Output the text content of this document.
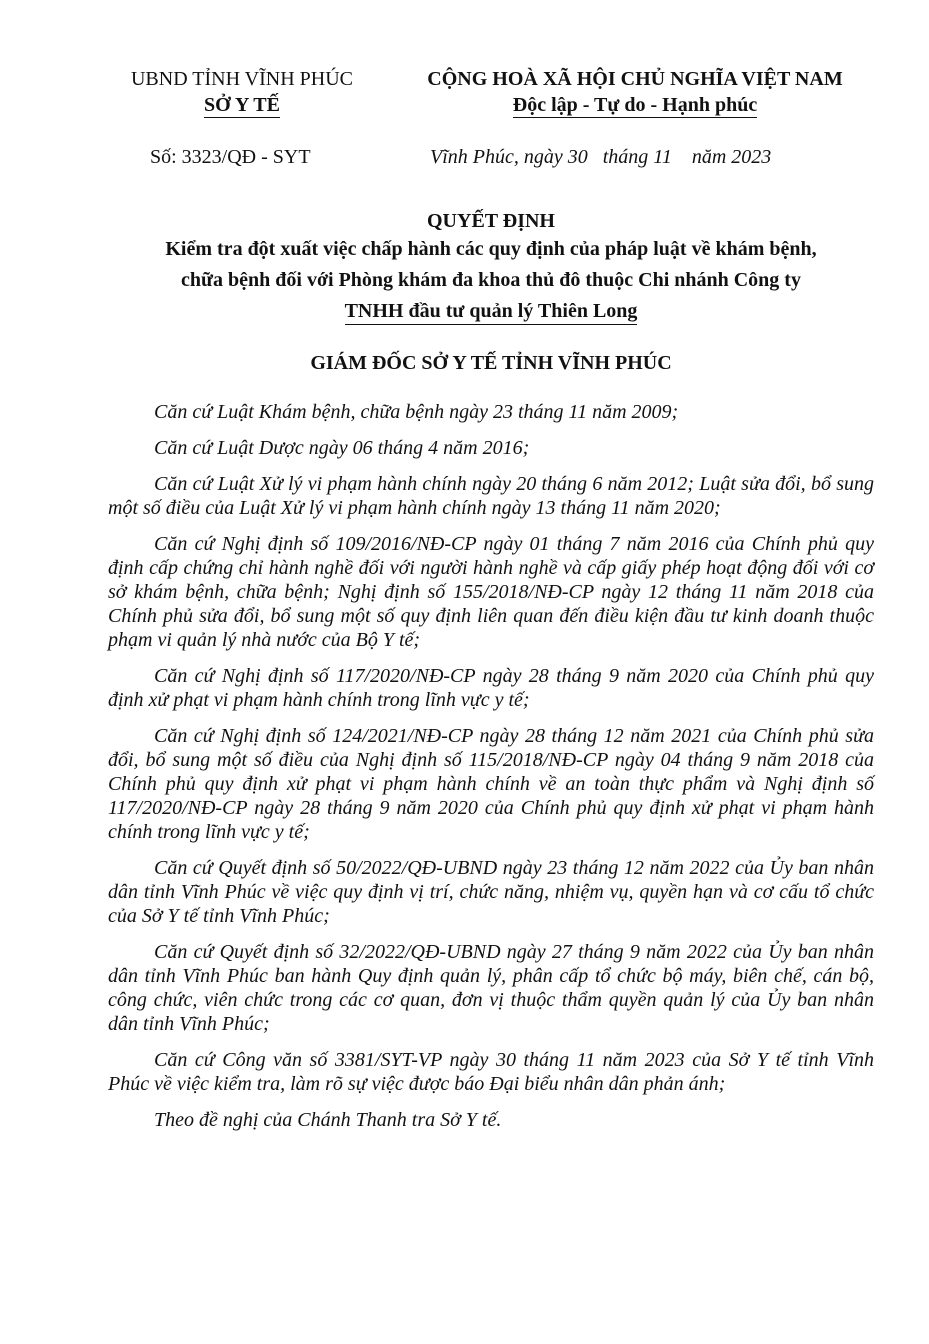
UBND TỈNH VĨNH PHÚC
SỞ Y TẾ
CỘNG HOÀ XÃ HỘI CHỦ NGHĨA VIỆT NAM
Độc lập - Tự do - Hạnh phúc
Số: 3323/QĐ - SYT	Vĩnh Phúc, ngày 30   tháng 11    năm 2023
QUYẾT ĐỊNH
Kiểm tra đột xuất việc chấp hành các quy định của pháp luật về khám bệnh,
chữa bệnh đối với Phòng khám đa khoa thủ đô thuộc Chi nhánh Công ty
TNHH đầu tư quản lý Thiên Long
GIÁM ĐỐC SỞ Y TẾ TỈNH VĨNH PHÚC

Căn cứ Luật Khám bệnh, chữa bệnh ngày 23 tháng 11 năm 2009;

Căn cứ Luật Dược ngày 06 tháng 4 năm 2016;

Căn cứ Luật Xử lý vi phạm hành chính ngày 20 tháng 6 năm 2012; Luật sửa đổi, bổ sung một số điều của Luật Xử lý vi phạm hành chính ngày 13 tháng 11 năm 2020;

Căn cứ Nghị định số 109/2016/NĐ-CP ngày 01 tháng 7 năm 2016 của Chính phủ quy định cấp chứng chỉ hành nghề đối với người hành nghề và cấp giấy phép hoạt động đối với cơ sở khám bệnh, chữa bệnh; Nghị định số 155/2018/NĐ-CP ngày 12 tháng 11 năm 2018 của Chính phủ sửa đổi, bổ sung một số quy định liên quan đến điều kiện đầu tư kinh doanh thuộc phạm vi quản lý nhà nước của Bộ Y tế;

Căn cứ Nghị định số 117/2020/NĐ-CP ngày 28 tháng 9 năm 2020 của Chính phủ quy định xử phạt vi phạm hành chính trong lĩnh vực y tế;

Căn cứ Nghị định số 124/2021/NĐ-CP ngày 28 tháng 12 năm 2021 của Chính phủ sửa đổi, bổ sung một số điều của Nghị định số 115/2018/NĐ-CP ngày 04 tháng 9 năm 2018 của Chính phủ quy định xử phạt vi phạm hành chính về an toàn thực phẩm và Nghị định số 117/2020/NĐ-CP ngày 28 tháng 9 năm 2020 của Chính phủ quy định xử phạt vi phạm hành chính trong lĩnh vực y tế;

Căn cứ Quyết định số 50/2022/QĐ-UBND ngày 23 tháng 12 năm 2022 của Ủy ban nhân dân tỉnh Vĩnh Phúc về việc quy định vị trí, chức năng, nhiệm vụ, quyền hạn và cơ cấu tổ chức của Sở Y tế tỉnh Vĩnh Phúc;

Căn cứ Quyết định số 32/2022/QĐ-UBND ngày 27 tháng 9 năm 2022 của Ủy ban nhân dân tỉnh Vĩnh Phúc ban hành Quy định quản lý, phân cấp tổ chức bộ máy, biên chế, cán bộ, công chức, viên chức trong các cơ quan, đơn vị thuộc thẩm quyền quản lý của Ủy ban nhân dân tỉnh Vĩnh Phúc;

Căn cứ Công văn số 3381/SYT-VP ngày 30 tháng 11 năm 2023 của Sở Y tế tỉnh Vĩnh Phúc về việc kiểm tra, làm rõ sự việc được báo Đại biểu nhân dân phản ánh;

Theo đề nghị của Chánh Thanh tra Sở Y tế.
